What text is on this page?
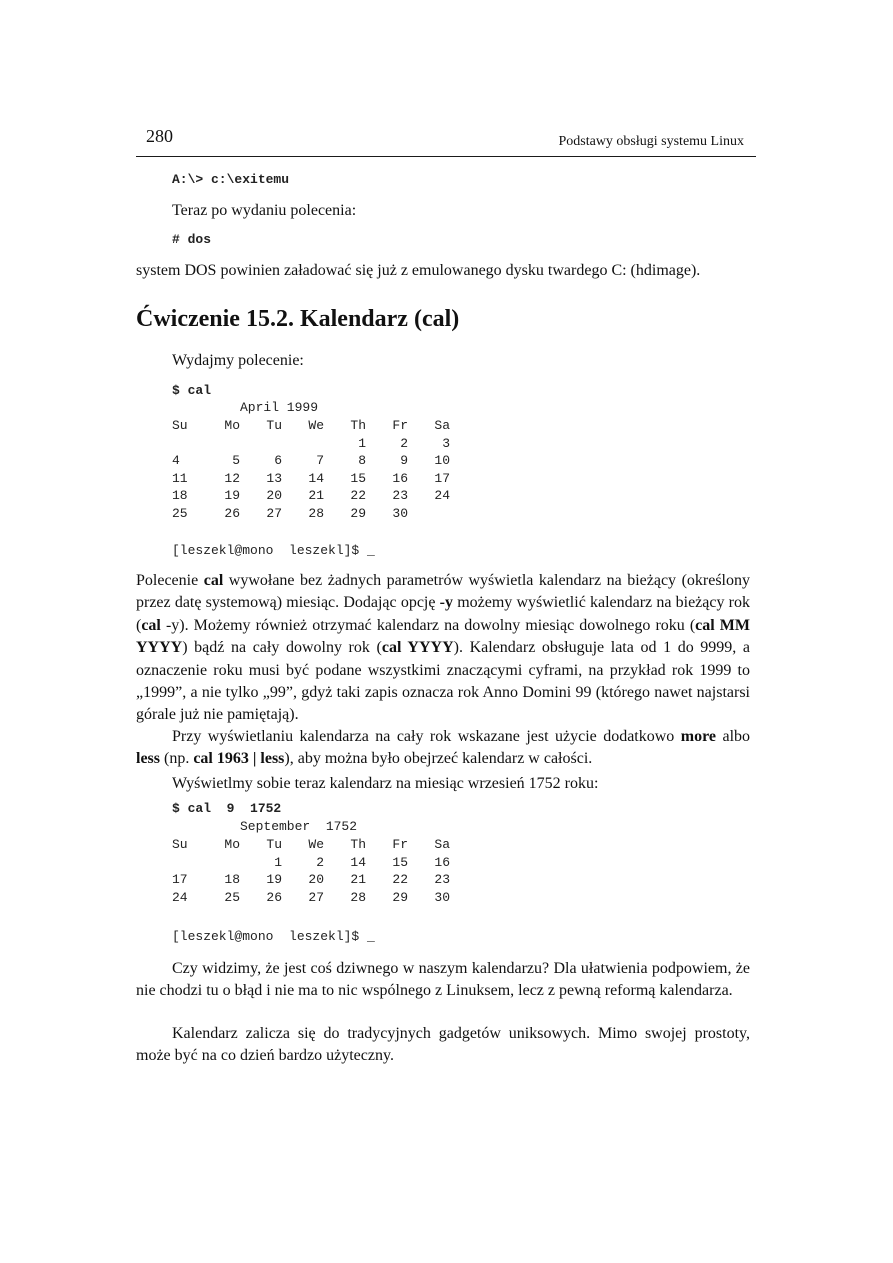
280	Podstawy obsługi systemu Linux
A:\> c:\exitemu
Teraz po wydaniu polecenia:
# dos
system DOS powinien załadować się już z emulowanego dysku twardego C: (hdimage).
Ćwiczenie 15.2. Kalendarz (cal)
Wydajmy polecenie:
$ cal
April 1999
Su	Mo	Tu	We	Th	Fr	Sa
				1	2	3
4	5	6	7	8	9	10
11	12	13	14	15	16	17
18	19	20	21	22	23	24
25	26	27	28	29	30	
[leszekl@mono  leszekl]$ _
Polecenie cal wywołane bez żadnych parametrów wyświetla kalendarz na bieżący (określony przez datę systemową) miesiąc. Dodając opcję -y możemy wyświetlić kalendarz na bieżący rok (cal -y). Możemy również otrzymać kalendarz na dowolny miesiąc dowolnego roku (cal MM YYYY) bądź na cały dowolny rok (cal YYYY). Kalendarz obsługuje lata od 1 do 9999, a oznaczenie roku musi być podane wszystkimi znaczącymi cyframi, na przykład rok 1999 to „1999”, a nie tylko „99”, gdyż taki zapis oznacza rok Anno Domini 99 (którego nawet najstarsi górale już nie pamiętają).
Przy wyświetlaniu kalendarza na cały rok wskazane jest użycie dodatkowo more albo less (np. cal 1963 | less), aby można było obejrzeć kalendarz w całości.
Wyświetlmy sobie teraz kalendarz na miesiąc wrzesień 1752 roku:
$ cal  9  1752
September  1752
Su	Mo	Tu	We	Th	Fr	Sa
		1	2	14	15	16
17	18	19	20	21	22	23
24	25	26	27	28	29	30
[leszekl@mono  leszekl]$ _
Czy widzimy, że jest coś dziwnego w naszym kalendarzu? Dla ułatwienia podpowiem, że nie chodzi tu o błąd i nie ma to nic wspólnego z Linuksem, lecz z pewną reformą kalendarza.
Kalendarz zalicza się do tradycyjnych gadgetów uniksowych. Mimo swojej prostoty, może być na co dzień bardzo użyteczny.
